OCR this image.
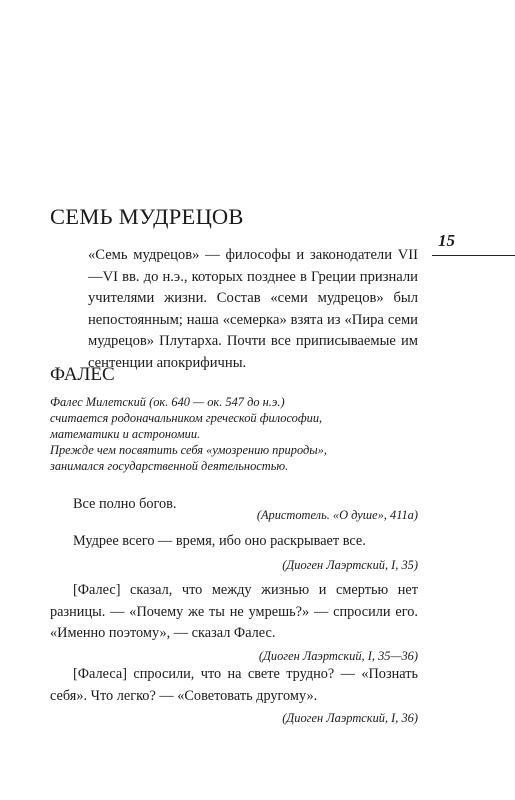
СЕМЬ МУДРЕЦОВ
15

«Семь мудрецов» — философы и законодатели VII—VI вв. до н.э., которых позднее в Греции признали учителями жизни. Состав «семи мудрецов» был непостоянным; наша «семерка» взята из «Пира семи мудрецов» Плутарха. Почти все приписываемые им сентенции апокрифичны.

ФАЛЕС
Фалес Милетский (ок. 640 — ок. 547 до н.э.)
считается родоначальником греческой философии,
математики и астрономии.
Прежде чем посвятить себя «умозрению природы»,
занимался государственной деятельностью.

Все полно богов.

(Аристотель. «О душе», 411а)

Мудрее всего — время, ибо оно раскрывает все.

(Диоген Лаэртский, I, 35)

[Фалес] сказал, что между жизнью и смертью нет разницы. — «Почему же ты не умрешь?» — спросили его. «Именно поэтому», — сказал Фалес.

(Диоген Лаэртский, I, 35—36)

[Фалеса] спросили, что на свете трудно? — «Познать себя». Что легко? — «Советовать другому».

(Диоген Лаэртский, I, 36)
